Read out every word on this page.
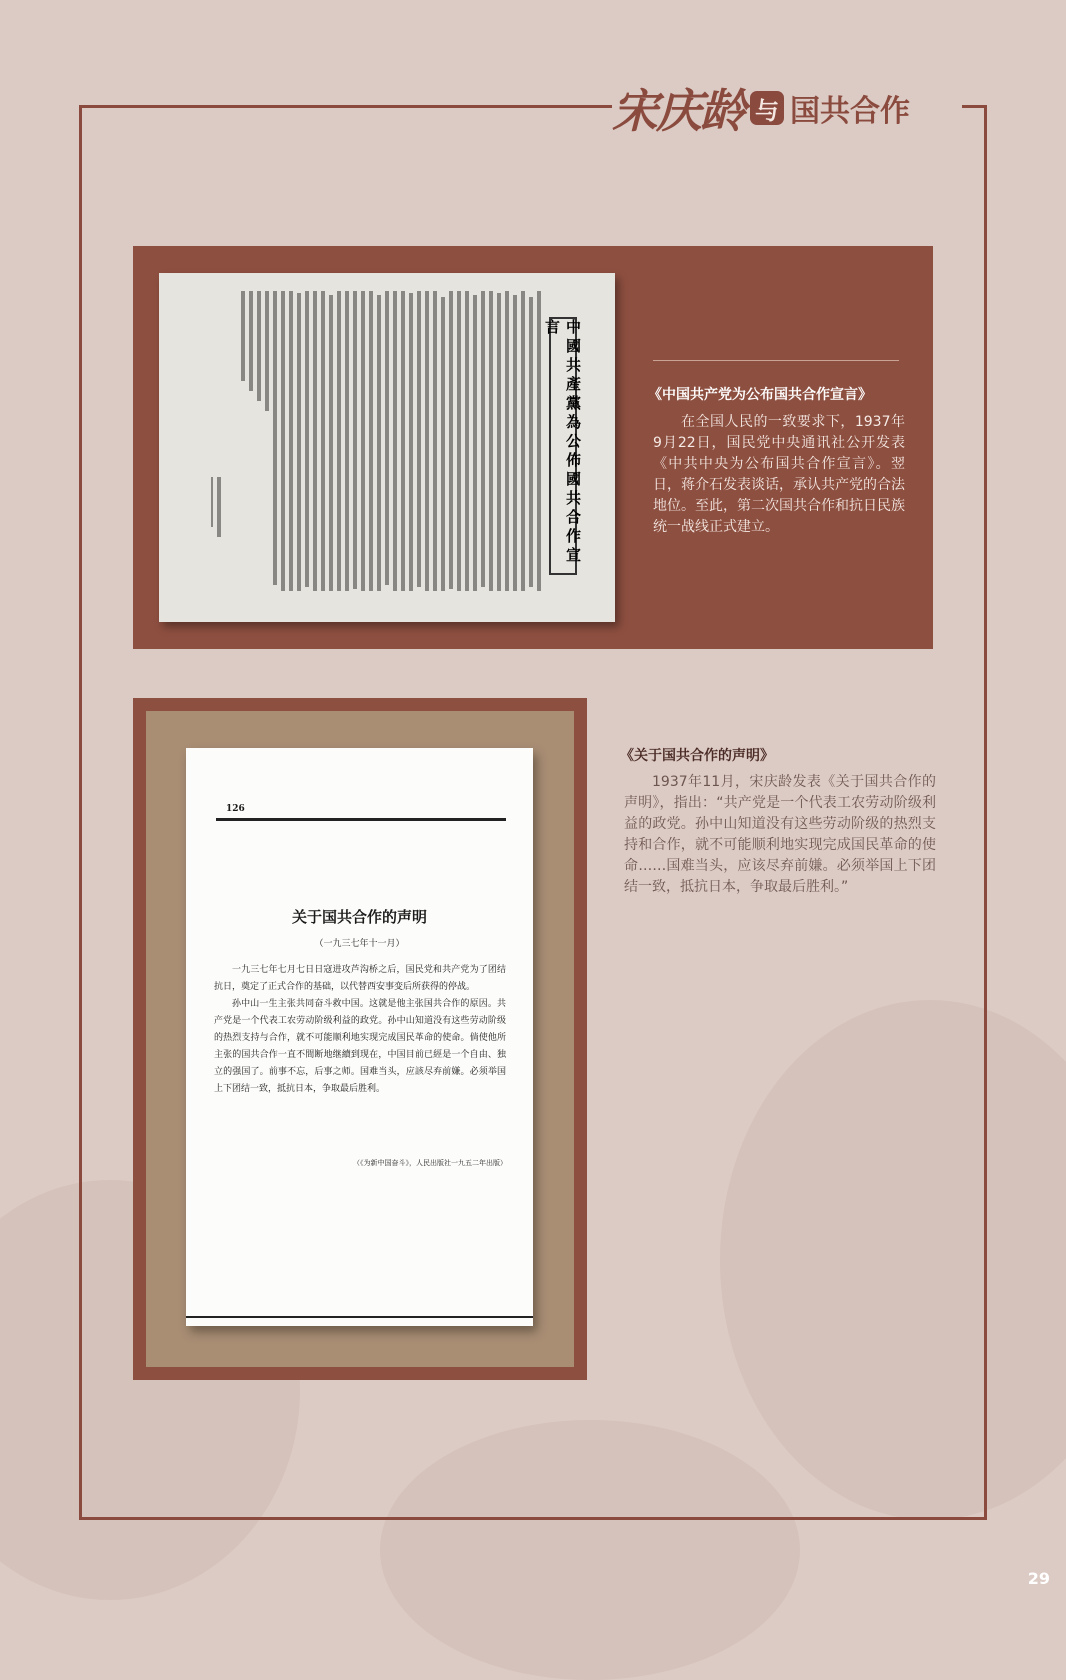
宋庆龄 与 国共合作
中國共產黨為公佈國共合作宣言
《中国共产党为公布国共合作宣言》
在全国人民的一致要求下，1937年9月22日，国民党中央通讯社公开发表《中共中央为公布国共合作宣言》。翌日，蒋介石发表谈话，承认共产党的合法地位。至此，第二次国共合作和抗日民族统一战线正式建立。
126
关于国共合作的声明
（一九三七年十一月）

一九三七年七月七日日寇进攻芦沟桥之后，国民党和共产党为了团结抗日，奠定了正式合作的基础，以代替西安事变后所获得的停战。

孙中山一生主张共同奋斗救中国。这就是他主张国共合作的原因。共产党是一个代表工农劳动阶级利益的政党。孙中山知道没有这些劳动阶级的热烈支持与合作，就不可能顺利地实现完成国民革命的使命。倘使他所主张的国共合作一直不間断地继續到现在，中国目前已經是一个自由、独立的强国了。前事不忘，后事之师。国难当头，应該尽弃前嫌。必须举国上下团结一致，抵抗日本，争取最后胜利。

（《为新中国奋斗》，人民出版社一九五二年出版）
《关于国共合作的声明》
1937年11月，宋庆龄发表《关于国共合作的声明》，指出：“共产党是一个代表工农劳动阶级利益的政党。孙中山知道没有这些劳动阶级的热烈支持和合作，就不可能顺利地实现完成国民革命的使命……国难当头，应该尽弃前嫌。必须举国上下团结一致，抵抗日本，争取最后胜利。”
29
